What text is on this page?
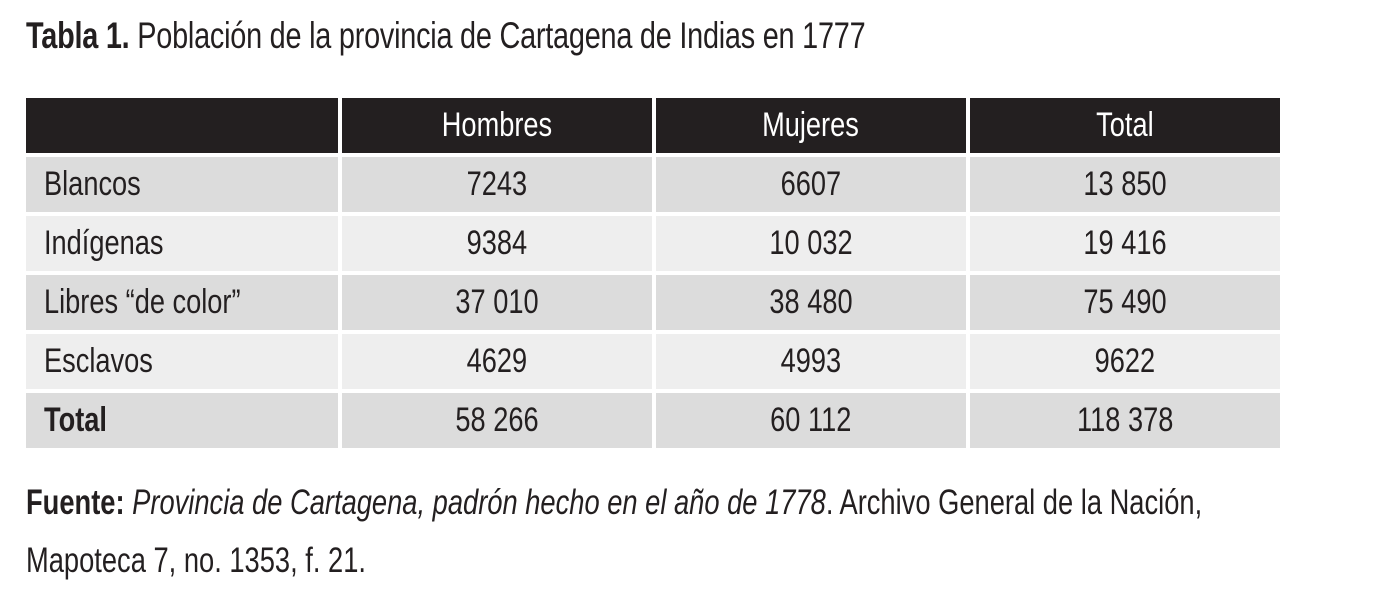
Tabla 1. Población de la provincia de Cartagena de Indias en 1777
	Hombres	Mujeres	Total
Blancos	7243	6607	13 850
Indígenas	9384	10 032	19 416
Libres “de color”	37 010	38 480	75 490
Esclavos	4629	4993	9622
Total	58 266	60 112	118 378
Fuente: Provincia de Cartagena, padrón hecho en el año de 1778. Archivo General de la Nación,
Mapoteca 7, no. 1353, f. 21.
